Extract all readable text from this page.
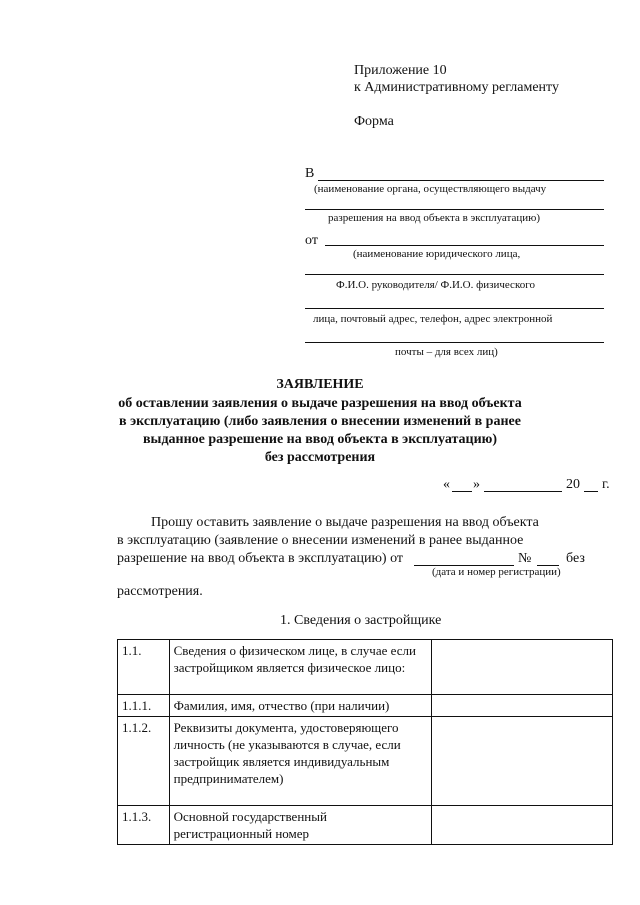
Приложение 10
к Административному регламенту
Форма
В
(наименование органа, осуществляющего выдачу
разрешения на ввод объекта в эксплуатацию)
от
(наименование юридического лица,
Ф.И.О. руководителя/ Ф.И.О. физического
лица, почтовый адрес, телефон, адрес электронной
почты – для всех лиц)
ЗАЯВЛЕНИЕ
об оставлении заявления о выдаче разрешения на ввод объекта
в эксплуатацию (либо заявления о внесении изменений в ранее
выданное разрешение на ввод объекта в эксплуатацию)
без рассмотрения
« »	20 г.
Прошу оставить заявление о выдаче разрешения на ввод объекта
в эксплуатацию (заявление о внесении изменений в ранее выданное
разрешение на ввод объекта в эксплуатацию) от	№ без
(дата и номер регистрации)
рассмотрения.
1. Сведения о застройщике
1.1.	Сведения о физическом лице, в случае если застройщиком является физическое лицо:	
1.1.1.	Фамилия, имя, отчество (при наличии)	
1.1.2.	Реквизиты документа, удостоверяющего личность (не указываются в случае, если застройщик является индивидуальным предпринимателем)	
1.1.3.	Основной государственный регистрационный номер	
